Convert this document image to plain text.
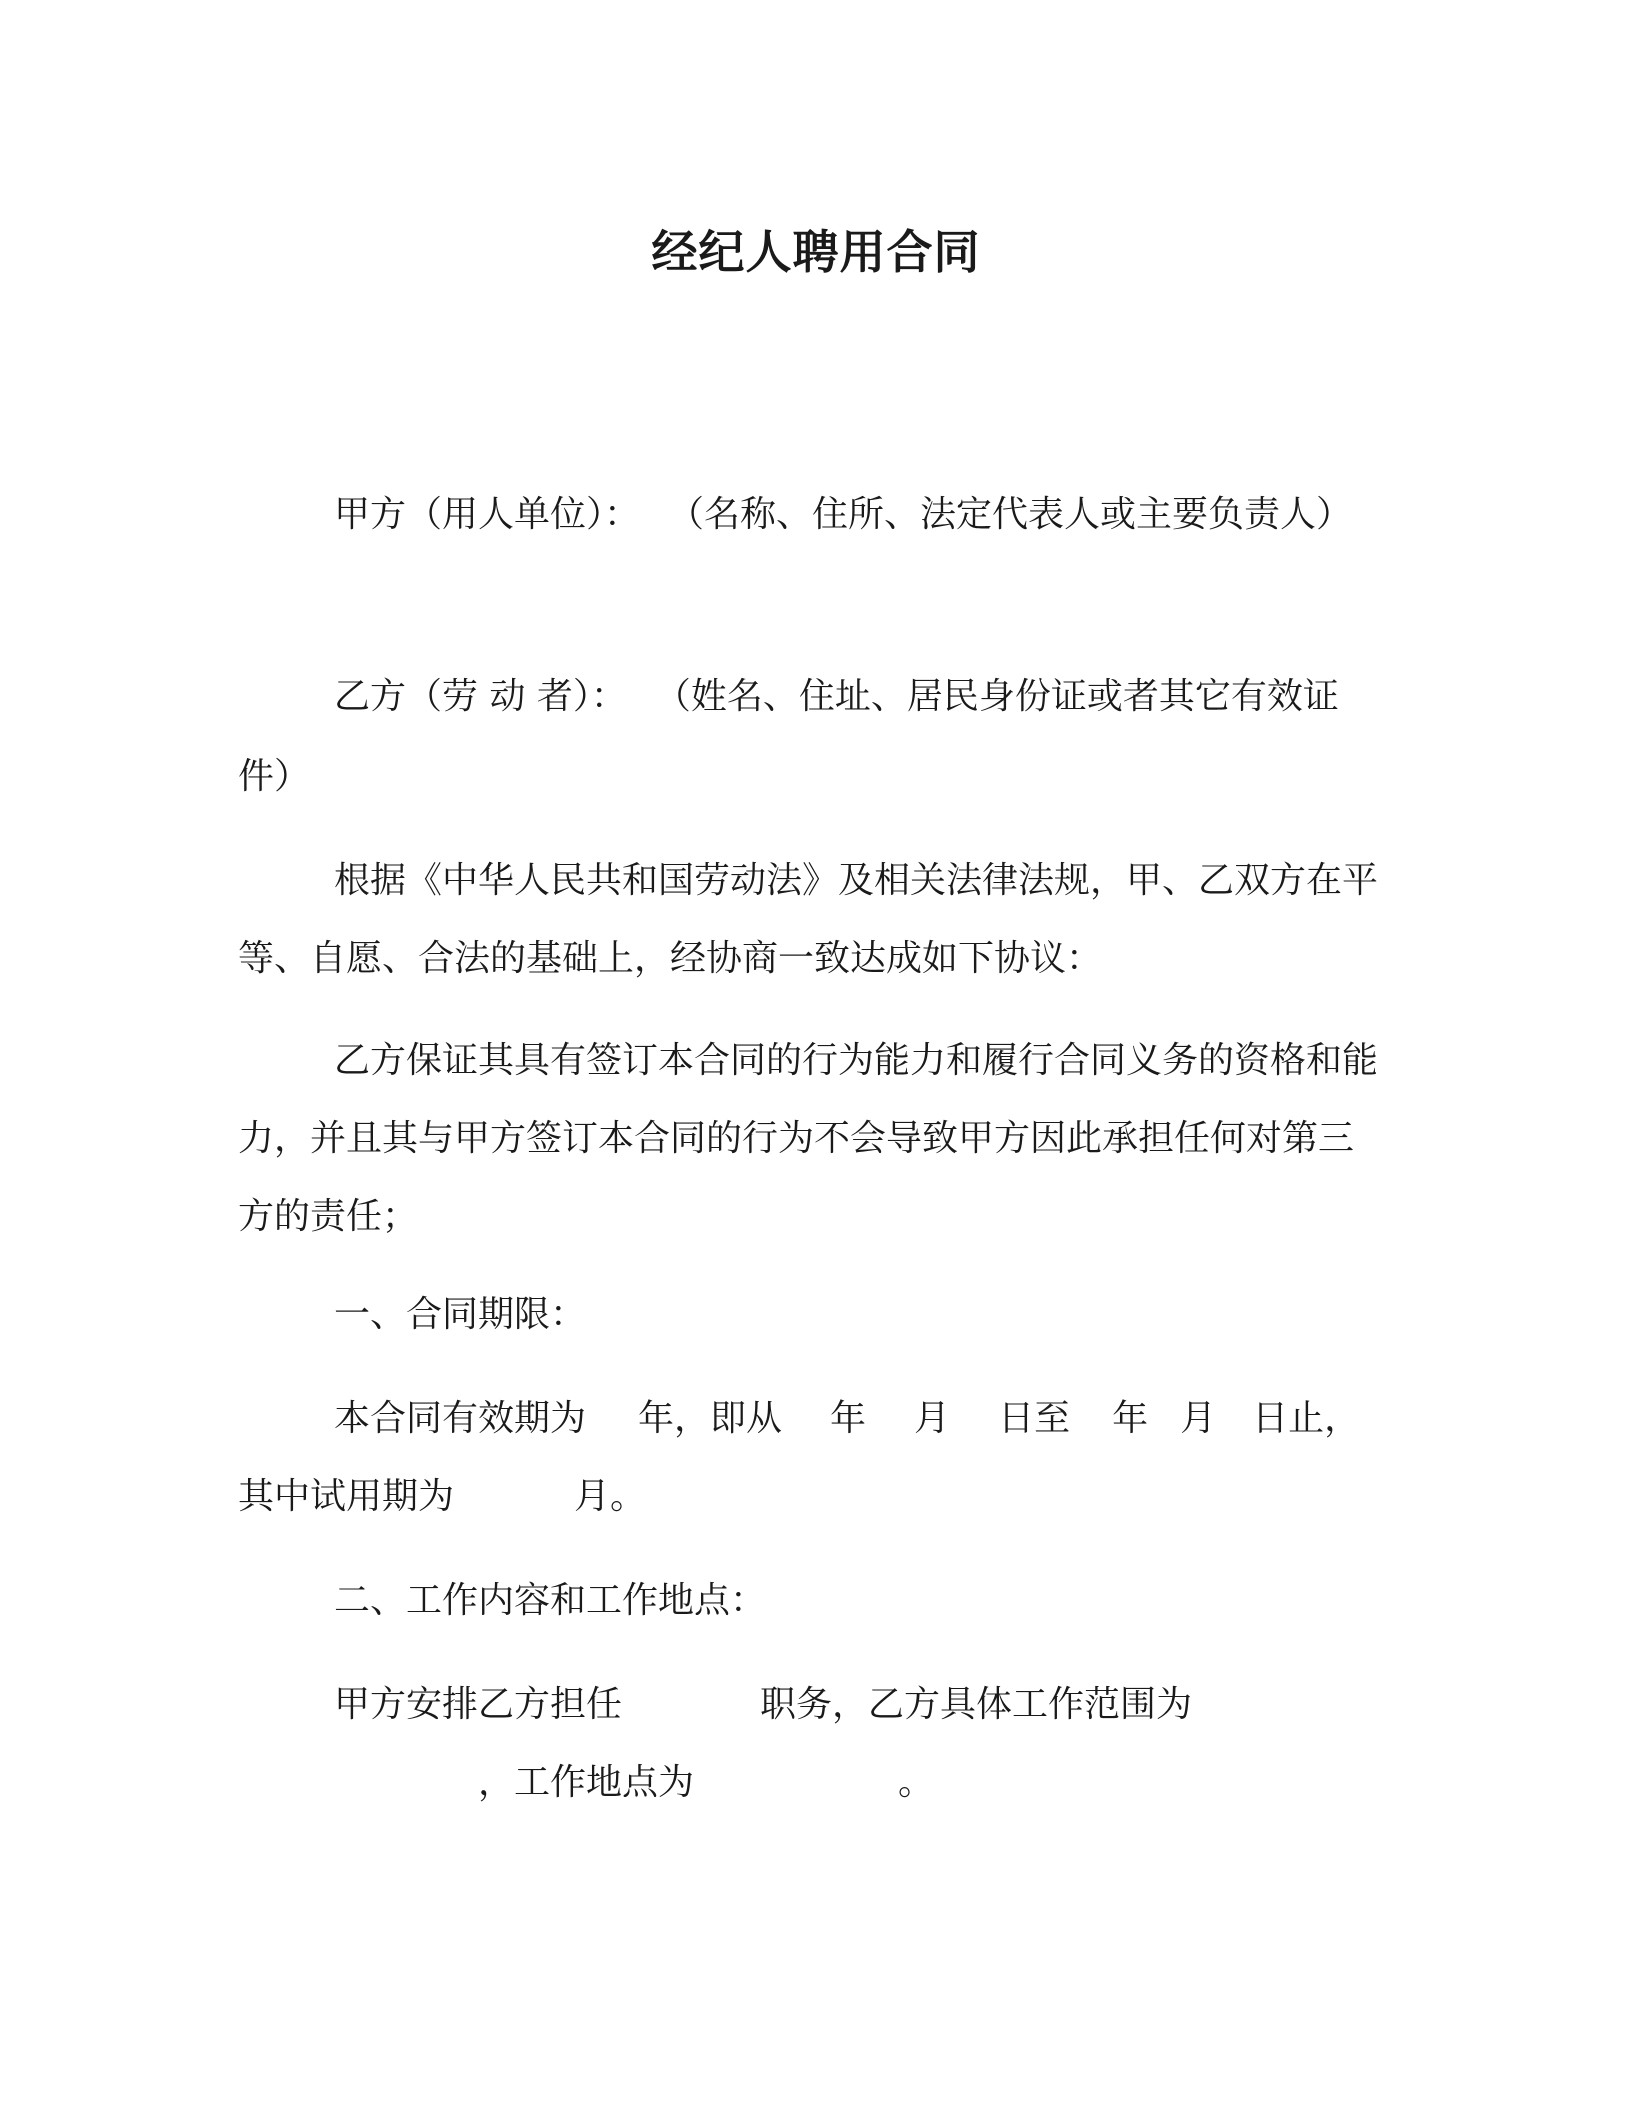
经纪人聘用合同
甲方（用人单位）： （名称、住所、法定代表人或主要负责人）
乙方（劳 动 者）： （姓名、住址、居民身份证或者其它有效证
件）
根据《中华人民共和国劳动法》及相关法律法规，甲、乙双方在平等、自愿、合法的基础上，经协商一致达成如下协议：
乙方保证其具有签订本合同的行为能力和履行合同义务的资格和能力，并且其与甲方签订本合同的行为不会导致甲方因此承担任何对第三方的责任；
一、合同期限：
本合同有效期为 年，即从 年 月 日至 年 月 日止，
其中试用期为	月。
二、工作内容和工作地点：
甲方安排乙方担任	职务，乙方具体工作范围为
，工作地点为	。
